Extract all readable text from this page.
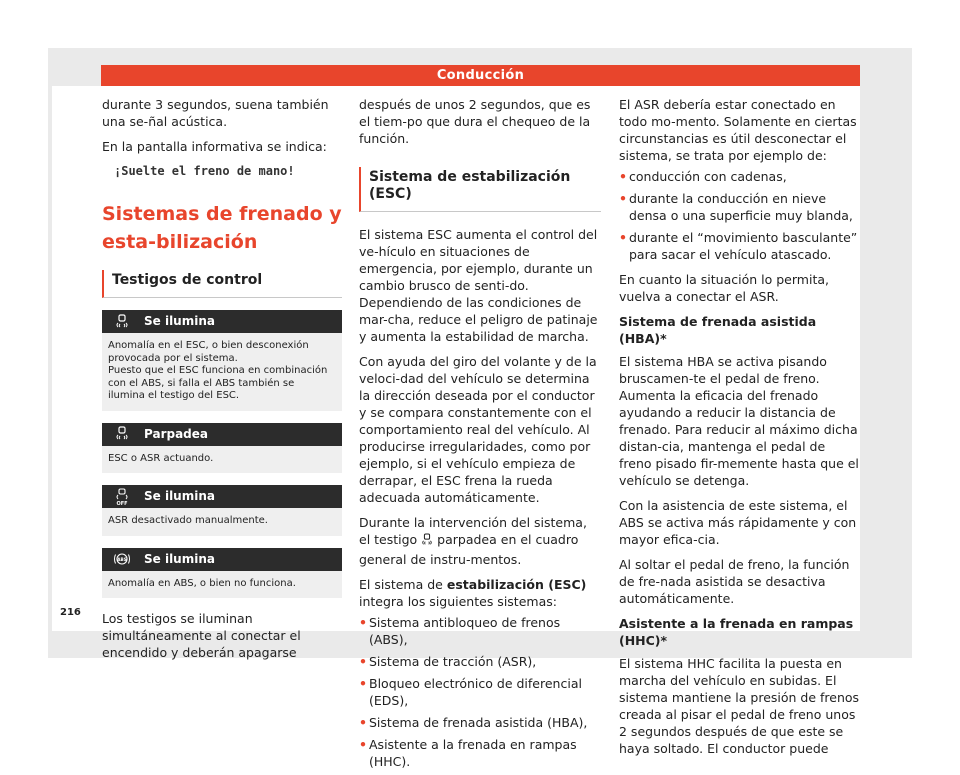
Conducción

durante 3 segundos, suena también una se-ñal acústica.

En la pantalla informativa se indica:

¡Suelte el freno de mano!
Sistemas de frenado y esta-bilización
Testigos de control
Se ilumina
Anomalía en el ESC, o bien desconexión provocada por el sistema.
Puesto que el ESC funciona en combinación con el ABS, si falla el ABS también se ilumina el testigo del ESC.
Parpadea
ESC o ASR actuando.
OFF
Se ilumina
ASR desactivado manualmente.
ABS Se ilumina
Anomalía en ABS, o bien no funciona.

Los testigos se iluminan simultáneamente al conectar el encendido y deberán apagarse

después de unos 2 segundos, que es el tiem-po que dura el chequeo de la función.

Sistema de estabilización (ESC)

El sistema ESC aumenta el control del ve-hículo en situaciones de emergencia, por ejemplo, durante un cambio brusco de senti-do. Dependiendo de las condiciones de mar-cha, reduce el peligro de patinaje y aumenta la estabilidad de marcha.

Con ayuda del giro del volante y de la veloci-dad del vehículo se determina la dirección deseada por el conductor y se compara constantemente con el comportamiento real del vehículo. Al producirse irregularidades, como por ejemplo, si el vehículo empieza de derrapar, el ESC frena la rueda adecuada automáticamente.

Durante la intervención del sistema, el testigo parpadea en el cuadro general de instru-mentos.

El sistema de estabilización (ESC) integra los siguientes sistemas:

• Sistema antibloqueo de frenos (ABS),
• Sistema de tracción (ASR),
• Bloqueo electrónico de diferencial (EDS),
• Sistema de frenada asistida (HBA),
• Asistente a la frenada en rampas (HHC).

El ASR debería estar conectado en todo mo-mento. Solamente en ciertas circunstancias es útil desconectar el sistema, se trata por ejemplo de:

• conducción con cadenas,
• durante la conducción en nieve densa o una superficie muy blanda,
• durante el “movimiento basculante” para sacar el vehículo atascado.

En cuanto la situación lo permita, vuelva a conectar el ASR.

Sistema de frenada asistida (HBA)*

El sistema HBA se activa pisando bruscamen-te el pedal de freno. Aumenta la eficacia del frenado ayudando a reducir la distancia de frenado. Para reducir al máximo dicha distan-cia, mantenga el pedal de freno pisado fir-memente hasta que el vehículo se detenga.

Con la asistencia de este sistema, el ABS se activa más rápidamente y con mayor efica-cia.

Al soltar el pedal de freno, la función de fre-nada asistida se desactiva automáticamente.

Asistente a la frenada en rampas (HHC)*

El sistema HHC facilita la puesta en marcha del vehículo en subidas. El sistema mantiene la presión de frenos creada al pisar el pedal de freno unos 2 segundos después de que este se haya soltado. El conductor puede

216
